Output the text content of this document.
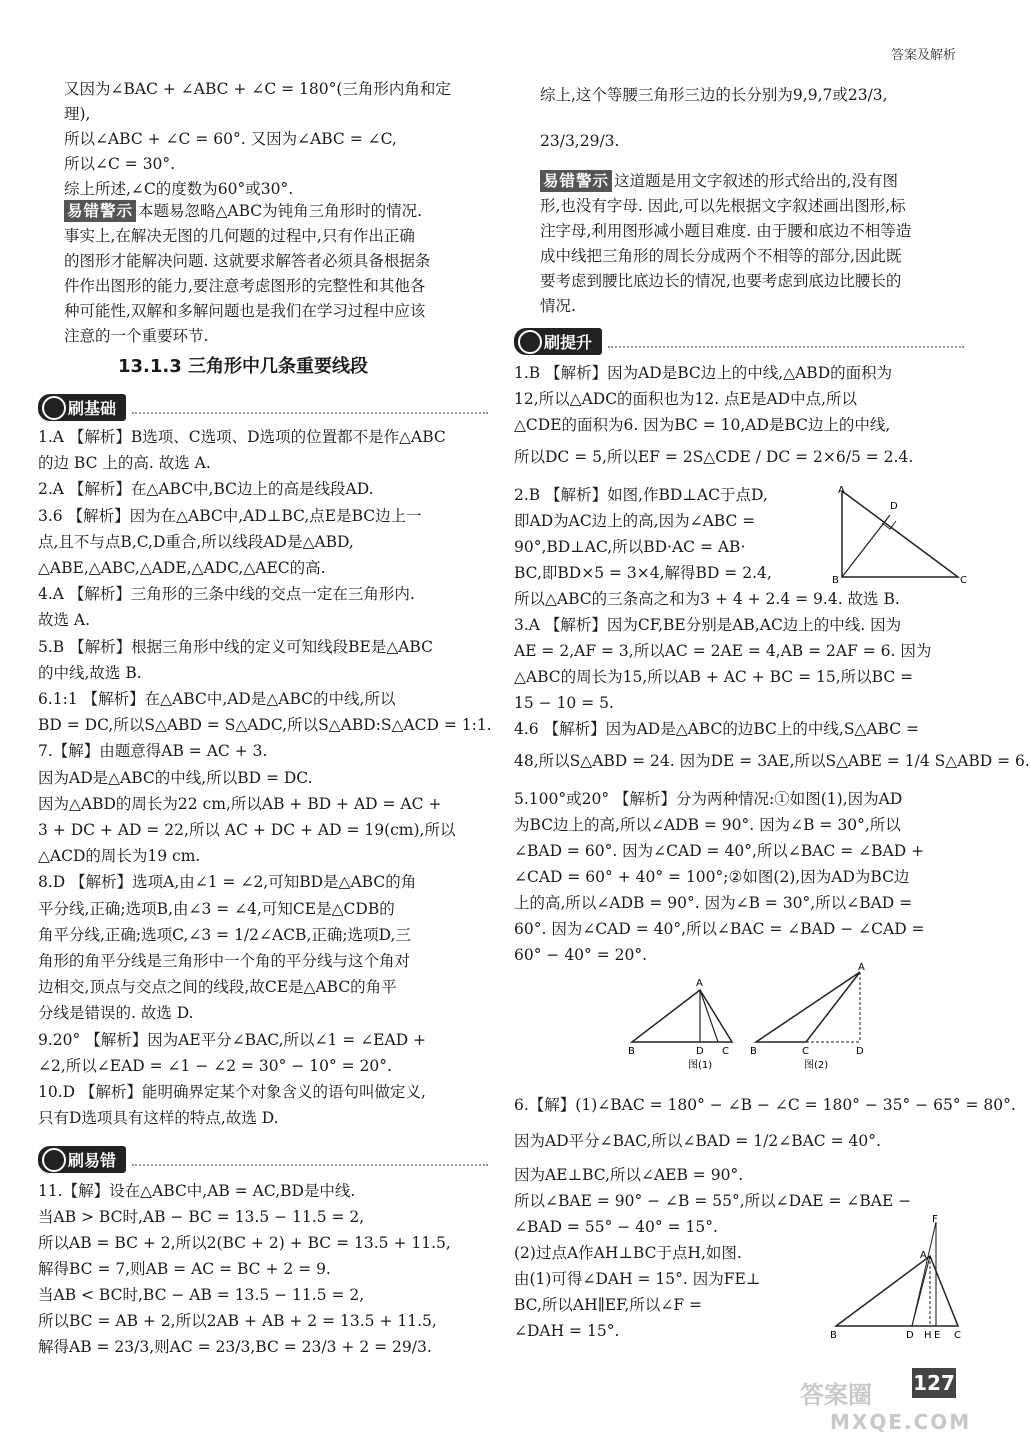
答案及解析
又因为∠BAC + ∠ABC + ∠C = 180°(三角形内角和定
理),
所以∠ABC + ∠C = 60°. 又因为∠ABC = ∠C,
所以∠C = 30°.
综上所述,∠C的度数为60°或30°.
易错警示 本题易忽略△ABC为钝角三角形时的情况.
事实上,在解决无图的几何题的过程中,只有作出正确
的图形才能解决问题. 这就要求解答者必须具备根据条
件作出图形的能力,要注意考虑图形的完整性和其他各
种可能性,双解和多解问题也是我们在学习过程中应该
注意的一个重要环节.
13.1.3 三角形中几条重要线段
刷基础
1.A 【解析】B选项、C选项、D选项的位置都不是作△ABC
的边 BC 上的高. 故选 A.
2.A 【解析】在△ABC中,BC边上的高是线段AD.
3.6 【解析】因为在△ABC中,AD⊥BC,点E是BC边上一
点,且不与点B,C,D重合,所以线段AD是△ABD,
△ABE,△ABC,△ADE,△ADC,△AEC的高.
4.A 【解析】三角形的三条中线的交点一定在三角形内.
故选 A.
5.B 【解析】根据三角形中线的定义可知线段BE是△ABC
的中线,故选 B.
6.1:1 【解析】在△ABC中,AD是△ABC的中线,所以
BD = DC,所以S△ABD = S△ADC,所以S△ABD:S△ACD = 1:1.
7.【解】由题意得AB = AC + 3.
因为AD是△ABC的中线,所以BD = DC.
因为△ABD的周长为22 cm,所以AB + BD + AD = AC +
3 + DC + AD = 22,所以 AC + DC + AD = 19(cm),所以
△ACD的周长为19 cm.
8.D 【解析】选项A,由∠1 = ∠2,可知BD是△ABC的角
平分线,正确;选项B,由∠3 = ∠4,可知CE是△CDB的
角平分线,正确;选项C,∠3 = 1/2∠ACB,正确;选项D,三
角形的角平分线是三角形中一个角的平分线与这个角对
边相交,顶点与交点之间的线段,故CE是△ABC的角平
分线是错误的. 故选 D.
9.20° 【解析】因为AE平分∠BAC,所以∠1 = ∠EAD +
∠2,所以∠EAD = ∠1 − ∠2 = 30° − 10° = 20°.
10.D 【解析】能明确界定某个对象含义的语句叫做定义,
只有D选项具有这样的特点,故选 D.
刷易错
11.【解】设在△ABC中,AB = AC,BD是中线.
当AB > BC时,AB − BC = 13.5 − 11.5 = 2,
所以AB = BC + 2,所以2(BC + 2) + BC = 13.5 + 11.5,
解得BC = 7,则AB = AC = BC + 2 = 9.
当AB < BC时,BC − AB = 13.5 − 11.5 = 2,
所以BC = AB + 2,所以2AB + AB + 2 = 13.5 + 11.5,
解得AB = 23/3,则AC = 23/3,BC = 23/3 + 2 = 29/3.
综上,这个等腰三角形三边的长分别为9,9,7或23/3,
23/3,29/3.
易错警示 这道题是用文字叙述的形式给出的,没有图
形,也没有字母. 因此,可以先根据文字叙述画出图形,标
注字母,利用图形减小题目难度. 由于腰和底边不相等造
成中线把三角形的周长分成两个不相等的部分,因此既
要考虑到腰比底边长的情况,也要考虑到底边比腰长的
情况.
刷提升
1.B 【解析】因为AD是BC边上的中线,△ABD的面积为
12,所以△ADC的面积也为12. 点E是AD中点,所以
△CDE的面积为6. 因为BC = 10,AD是BC边上的中线,
所以DC = 5,所以EF = 2S△CDE / DC = 2×6/5 = 2.4.
2.B 【解析】如图,作BD⊥AC于点D,
即AD为AC边上的高,因为∠ABC =
90°,BD⊥AC,所以BD·AC = AB·
BC,即BD×5 = 3×4,解得BD = 2.4,
所以△ABC的三条高之和为3 + 4 + 2.4 = 9.4. 故选 B.
3.A 【解析】因为CF,BE分别是AB,AC边上的中线. 因为
AE = 2,AF = 3,所以AC = 2AE = 4,AB = 2AF = 6. 因为
△ABC的周长为15,所以AB + AC + BC = 15,所以BC =
15 − 10 = 5.
4.6 【解析】因为AD是△ABC的边BC上的中线,S△ABC =
48,所以S△ABD = 24. 因为DE = 3AE,所以S△ABE = 1/4 S△ABD = 6.
5.100°或20° 【解析】分为两种情况:①如图(1),因为AD
为BC边上的高,所以∠ADB = 90°. 因为∠B = 30°,所以
∠BAD = 60°. 因为∠CAD = 40°,所以∠BAC = ∠BAD +
∠CAD = 60° + 40° = 100°;②如图(2),因为AD为BC边
上的高,所以∠ADB = 90°. 因为∠B = 30°,所以∠BAD =
60°. 因为∠CAD = 40°,所以∠BAC = ∠BAD − ∠CAD =
60° − 40° = 20°.
A
D
B	C
A
B	D C
图(1)
A
B	C	D
图(2)
F
A
B	D H E C
6.【解】(1)∠BAC = 180° − ∠B − ∠C = 180° − 35° − 65° = 80°.
因为AD平分∠BAC,所以∠BAD = 1/2∠BAC = 40°.
因为AE⊥BC,所以∠AEB = 90°.
所以∠BAE = 90° − ∠B = 55°,所以∠DAE = ∠BAE −
∠BAD = 55° − 40° = 15°.
(2)过点A作AH⊥BC于点H,如图.
由(1)可得∠DAH = 15°. 因为FE⊥
BC,所以AH∥EF,所以∠F =
∠DAH = 15°.
答案圈
MXQE.COM
127
